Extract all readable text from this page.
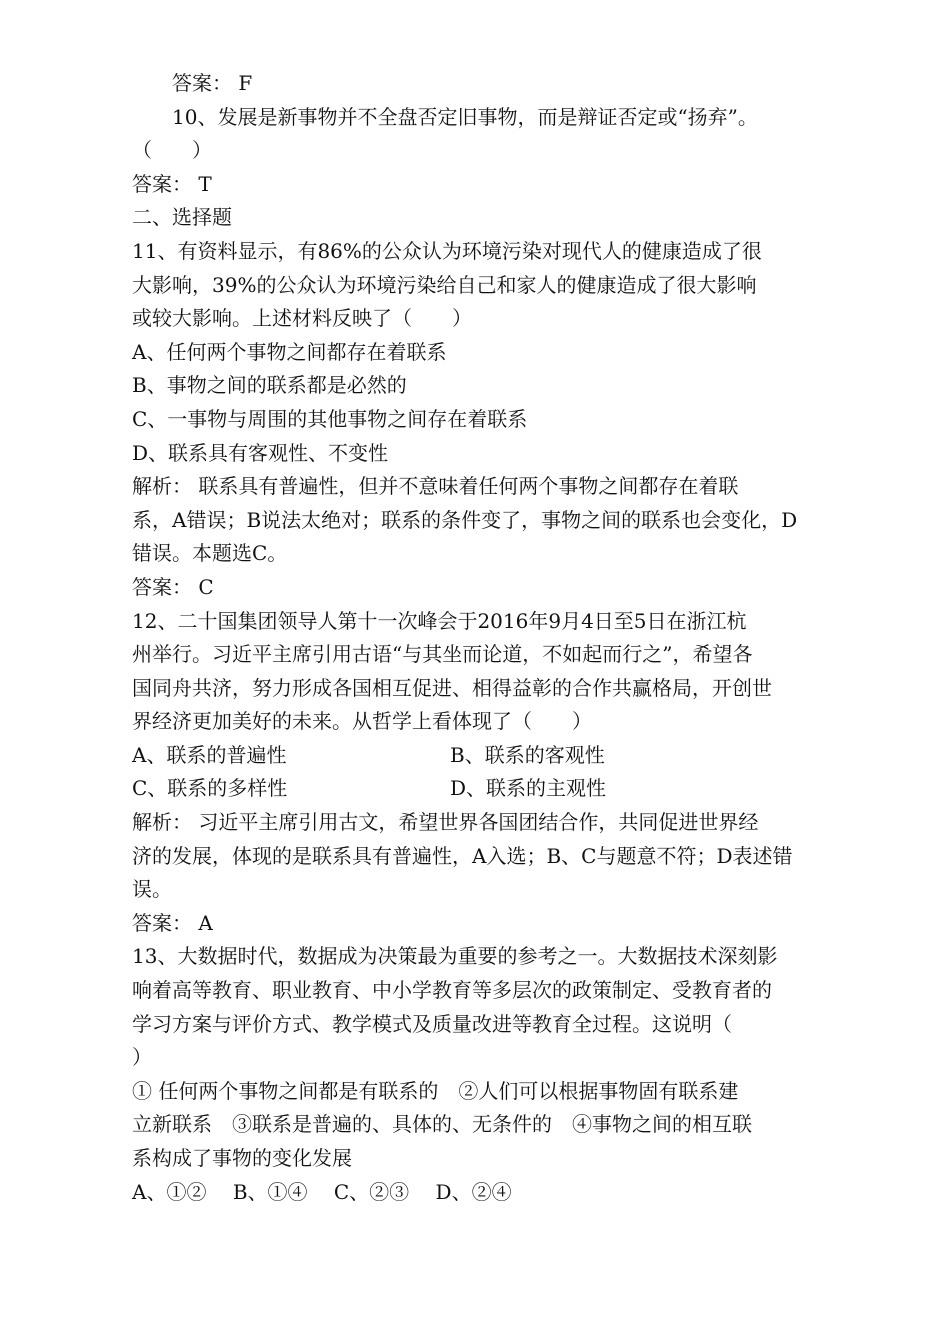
答案： F
10、发展是新事物并不全盘否定旧事物，而是辩证否定或“扬弃”。
（　　）
答案： T
二、选择题
11、有资料显示，有86%的公众认为环境污染对现代人的健康造成了很
大影响，39%的公众认为环境污染给自己和家人的健康造成了很大影响
或较大影响。上述材料反映了（　　）
A、任何两个事物之间都存在着联系
B、事物之间的联系都是必然的
C、一事物与周围的其他事物之间存在着联系
D、联系具有客观性、不变性
解析： 联系具有普遍性，但并不意味着任何两个事物之间都存在着联
系，A错误；B说法太绝对；联系的条件变了，事物之间的联系也会变化，D
错误。本题选C。
答案： C
12、二十国集团领导人第十一次峰会于2016年9月4日至5日在浙江杭
州举行。习近平主席引用古语“与其坐而论道，不如起而行之”，希望各
国同舟共济，努力形成各国相互促进、相得益彰的合作共赢格局，开创世
界经济更加美好的未来。从哲学上看体现了（　　）
A、联系的普遍性	B、联系的客观性
C、联系的多样性	D、联系的主观性
解析： 习近平主席引用古文，希望世界各国团结合作，共同促进世界经
济的发展，体现的是联系具有普遍性，A入选；B、C与题意不符；D表述错
误。
答案： A
13、大数据时代，数据成为决策最为重要的参考之一。大数据技术深刻影
响着高等教育、职业教育、中小学教育等多层次的政策制定、受教育者的
学习方案与评价方式、教学模式及质量改进等教育全过程。这说明（
）
① 任何两个事物之间都是有联系的　②人们可以根据事物固有联系建
立新联系　③联系是普遍的、具体的、无条件的　④事物之间的相互联
系构成了事物的变化发展
A、①② B、①④ C、②③ D、②④
